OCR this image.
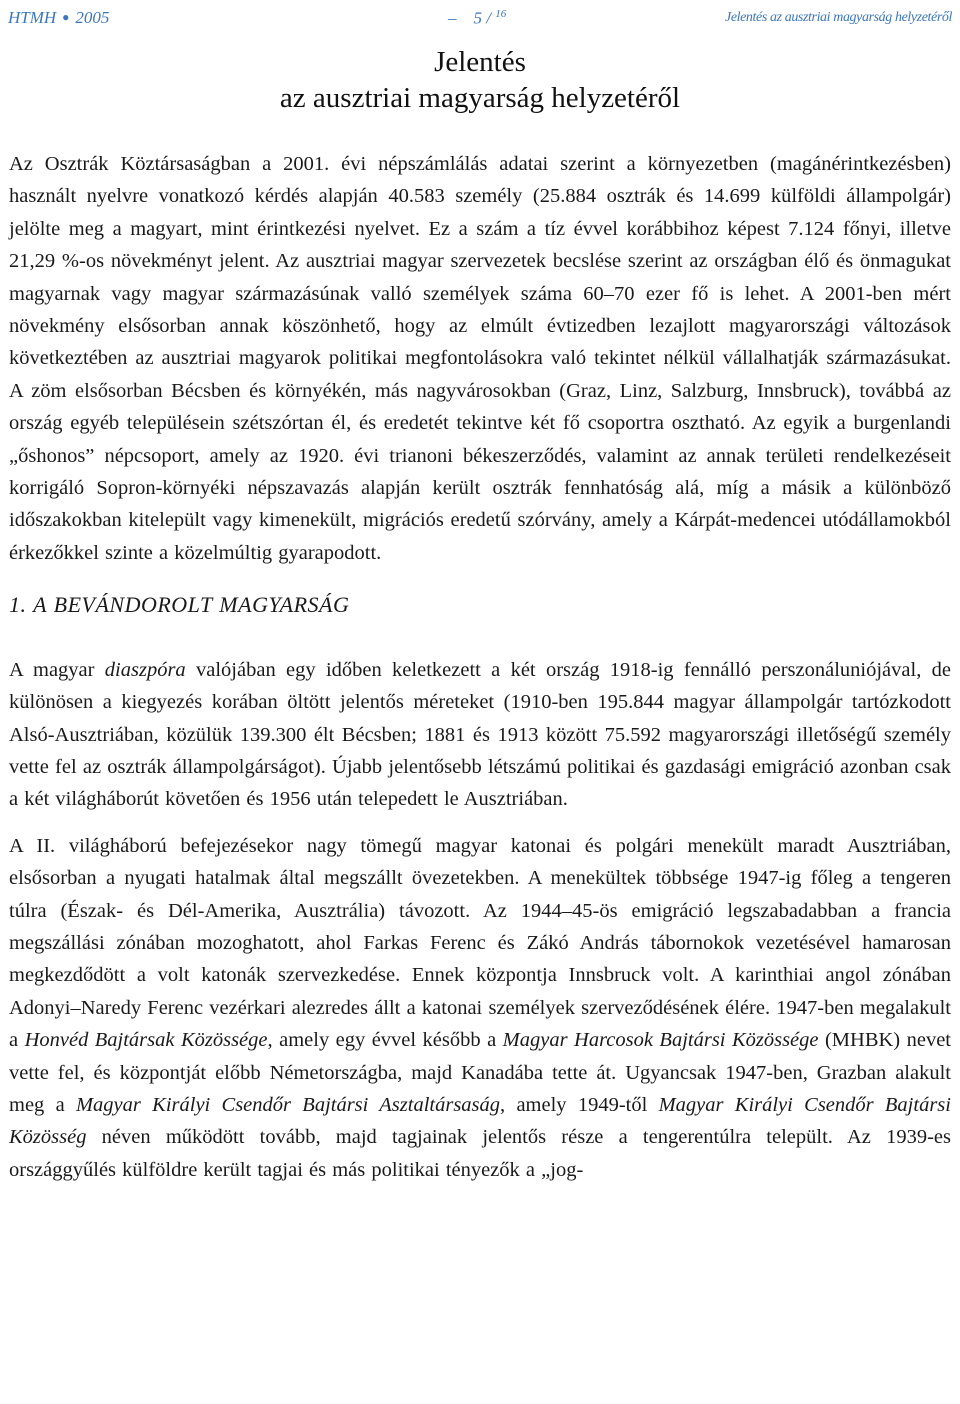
HTMH ● 2005	– 5 / $^{16}$	Jelentés az ausztriai magyarság helyzetéről
Jelentés
az ausztriai magyarság helyzetéről

Az Osztrák Köztársaságban a 2001. évi népszámlálás adatai szerint a környezetben (magánérintkezésben) használt nyelvre vonatkozó kérdés alapján 40.583 személy (25.884 osztrák és 14.699 külföldi állampolgár) jelölte meg a magyart, mint érintkezési nyelvet. Ez a szám a tíz évvel korábbihoz képest 7.124 főnyi, illetve 21,29 %-os növekményt jelent. Az ausztriai magyar szervezetek becslése szerint az országban élő és önmagukat magyarnak vagy magyar származásúnak valló személyek száma 60–70 ezer fő is lehet. A 2001-ben mért növekmény elsősorban annak köszönhető, hogy az elmúlt évtizedben lezajlott magyarországi változások következtében az ausztriai magyarok politikai megfontolásokra való tekintet nélkül vállalhatják származásukat. A zöm elsősorban Bécsben és környékén, más nagyvárosokban (Graz, Linz, Salzburg, Innsbruck), továbbá az ország egyéb településein szétszórtan él, és eredetét tekintve két fő csoportra osztható. Az egyik a burgenlandi „őshonos” népcsoport, amely az 1920. évi trianoni békeszerződés, valamint az annak területi rendelkezéseit korrigáló Sopron-környéki népszavazás alapján került osztrák fennhatóság alá, míg a másik a különböző időszakokban kitelepült vagy kimenekült, migrációs eredetű szórvány, amely a Kárpát-medencei utódállamokból érkezőkkel szinte a közelmúltig gyarapodott.

1. A BEVÁNDOROLT MAGYARSÁG

A magyar diaszpóra valójában egy időben keletkezett a két ország 1918-ig fennálló perszonáluniójával, de különösen a kiegyezés korában öltött jelentős méreteket (1910-ben 195.844 magyar állampolgár tartózkodott Alsó-Ausztriában, közülük 139.300 élt Bécsben; 1881 és 1913 között 75.592 magyarországi illetőségű személy vette fel az osztrák állampolgárságot). Újabb jelentősebb létszámú politikai és gazdasági emigráció azonban csak a két világháborút követően és 1956 után telepedett le Ausztriában.

A II. világháború befejezésekor nagy tömegű magyar katonai és polgári menekült maradt Ausztriában, elsősorban a nyugati hatalmak által megszállt övezetekben. A menekültek többsége 1947-ig főleg a tengeren túlra (Észak- és Dél-Amerika, Ausztrália) távozott. Az 1944–45-ös emigráció legszabadabban a francia megszállási zónában mozoghatott, ahol Farkas Ferenc és Zákó András tábornokok vezetésével hamarosan megkezdődött a volt katonák szervezkedése. Ennek központja Innsbruck volt. A karinthiai angol zónában Adonyi–Naredy Ferenc vezérkari alezredes állt a katonai személyek szerveződésének élére. 1947-ben megalakult a Honvéd Bajtársak Közössége, amely egy évvel később a Magyar Harcosok Bajtársi Közössége (MHBK) nevet vette fel, és központját előbb Németországba, majd Kanadába tette át. Ugyancsak 1947-ben, Grazban alakult meg a Magyar Királyi Csendőr Bajtársi Asztaltársaság, amely 1949-től Magyar Királyi Csendőr Bajtársi Közösség néven működött tovább, majd tagjainak jelentős része a tengerentúlra települt. Az 1939-es országgyűlés külföldre került tagjai és más politikai tényezők a „jog-
